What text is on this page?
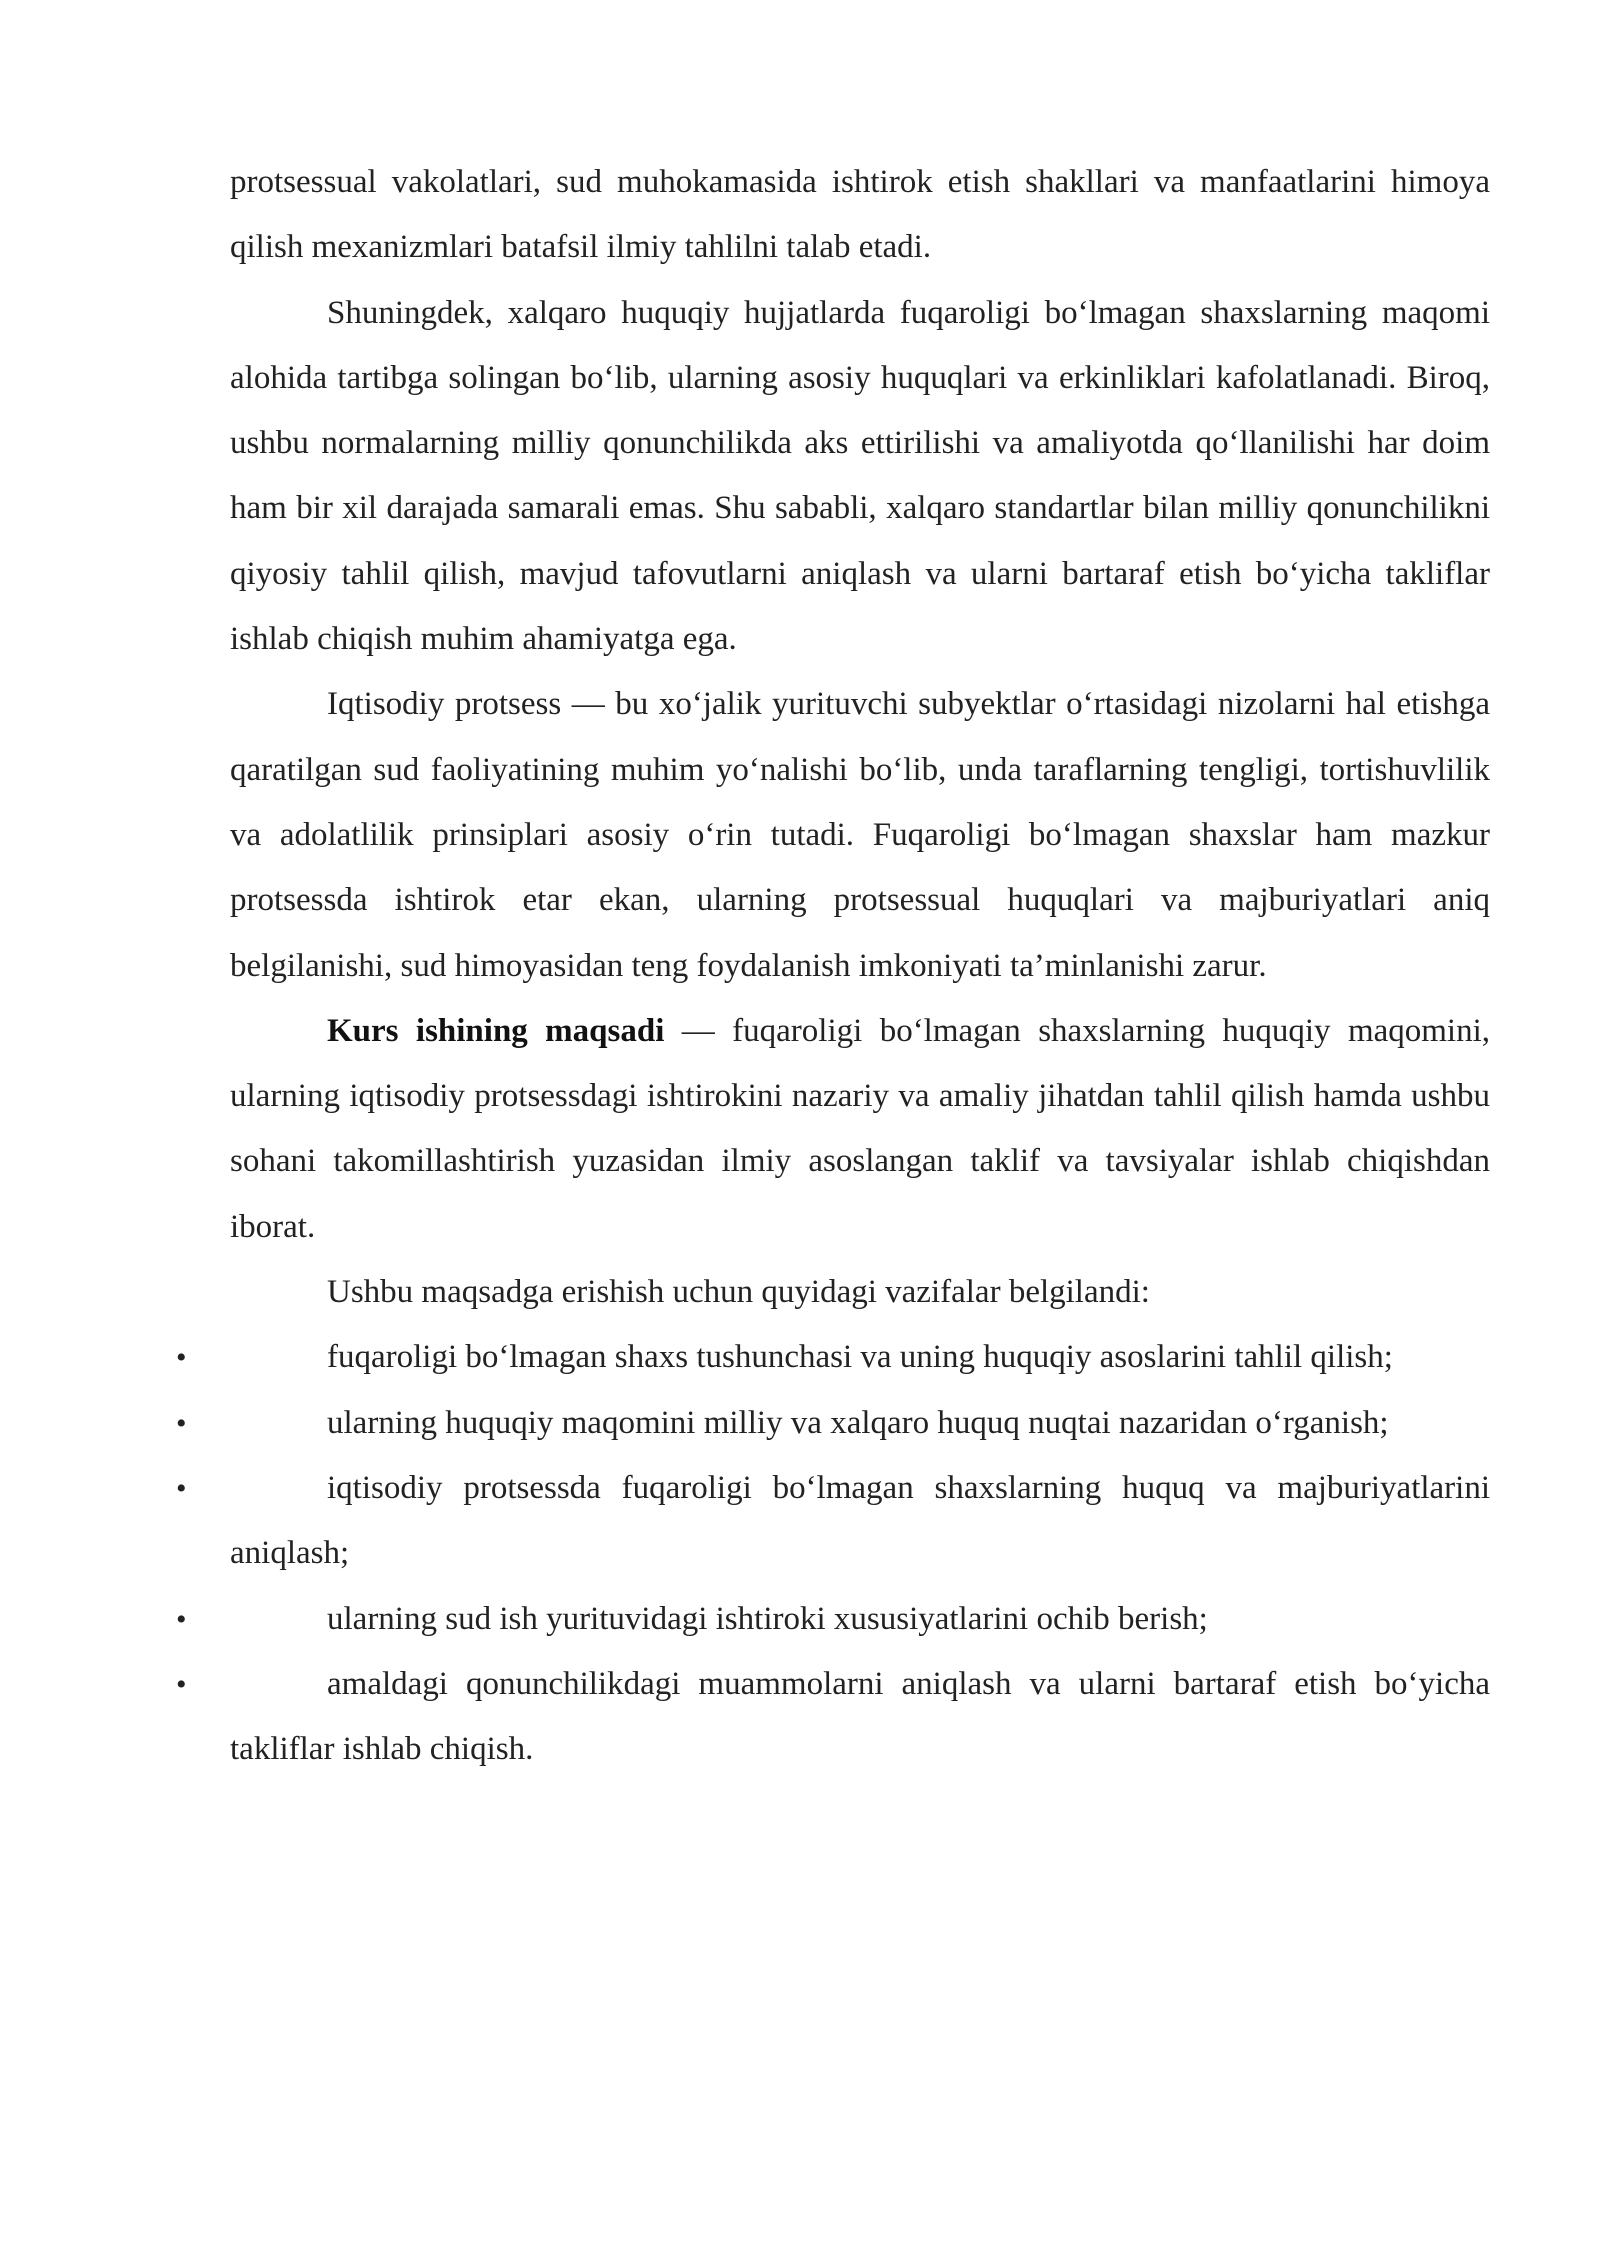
protsessual vakolatlari, sud muhokamasida ishtirok etish shakllari va manfaatlarini himoya qilish mexanizmlari batafsil ilmiy tahlilni talab etadi.

Shuningdek, xalqaro huquqiy hujjatlarda fuqaroligi bo‘lmagan shaxslarning maqomi alohida tartibga solingan bo‘lib, ularning asosiy huquqlari va erkinliklari kafolatlanadi. Biroq, ushbu normalarning milliy qonunchilikda aks ettirilishi va amaliyotda qo‘llanilishi har doim ham bir xil darajada samarali emas. Shu sababli, xalqaro standartlar bilan milliy qonunchilikni qiyosiy tahlil qilish, mavjud tafovutlarni aniqlash va ularni bartaraf etish bo‘yicha takliflar ishlab chiqish muhim ahamiyatga ega.

Iqtisodiy protsess — bu xo‘jalik yurituvchi subyektlar o‘rtasidagi nizolarni hal etishga qaratilgan sud faoliyatining muhim yo‘nalishi bo‘lib, unda taraflarning tengligi, tortishuvlilik va adolatlilik prinsiplari asosiy o‘rin tutadi. Fuqaroligi bo‘lmagan shaxslar ham mazkur protsessda ishtirok etar ekan, ularning protsessual huquqlari va majburiyatlari aniq belgilanishi, sud himoyasidan teng foydalanish imkoniyati ta’minlanishi zarur.

Kurs ishining maqsadi — fuqaroligi bo‘lmagan shaxslarning huquqiy maqomini, ularning iqtisodiy protsessdagi ishtirokini nazariy va amaliy jihatdan tahlil qilish hamda ushbu sohani takomillashtirish yuzasidan ilmiy asoslangan taklif va tavsiyalar ishlab chiqishdan iborat.

Ushbu maqsadga erishish uchun quyidagi vazifalar belgilandi:

•	fuqaroligi bo‘lmagan shaxs tushunchasi va uning huquqiy asoslarini tahlil qilish;
•	ularning huquqiy maqomini milliy va xalqaro huquq nuqtai nazaridan o‘rganish;
•	iqtisodiy protsessda fuqaroligi bo‘lmagan shaxslarning huquq va majburiyatlarini aniqlash;
•	ularning sud ish yurituvidagi ishtiroki xususiyatlarini ochib berish;
•	amaldagi qonunchilikdagi muammolarni aniqlash va ularni bartaraf etish bo‘yicha takliflar ishlab chiqish.
